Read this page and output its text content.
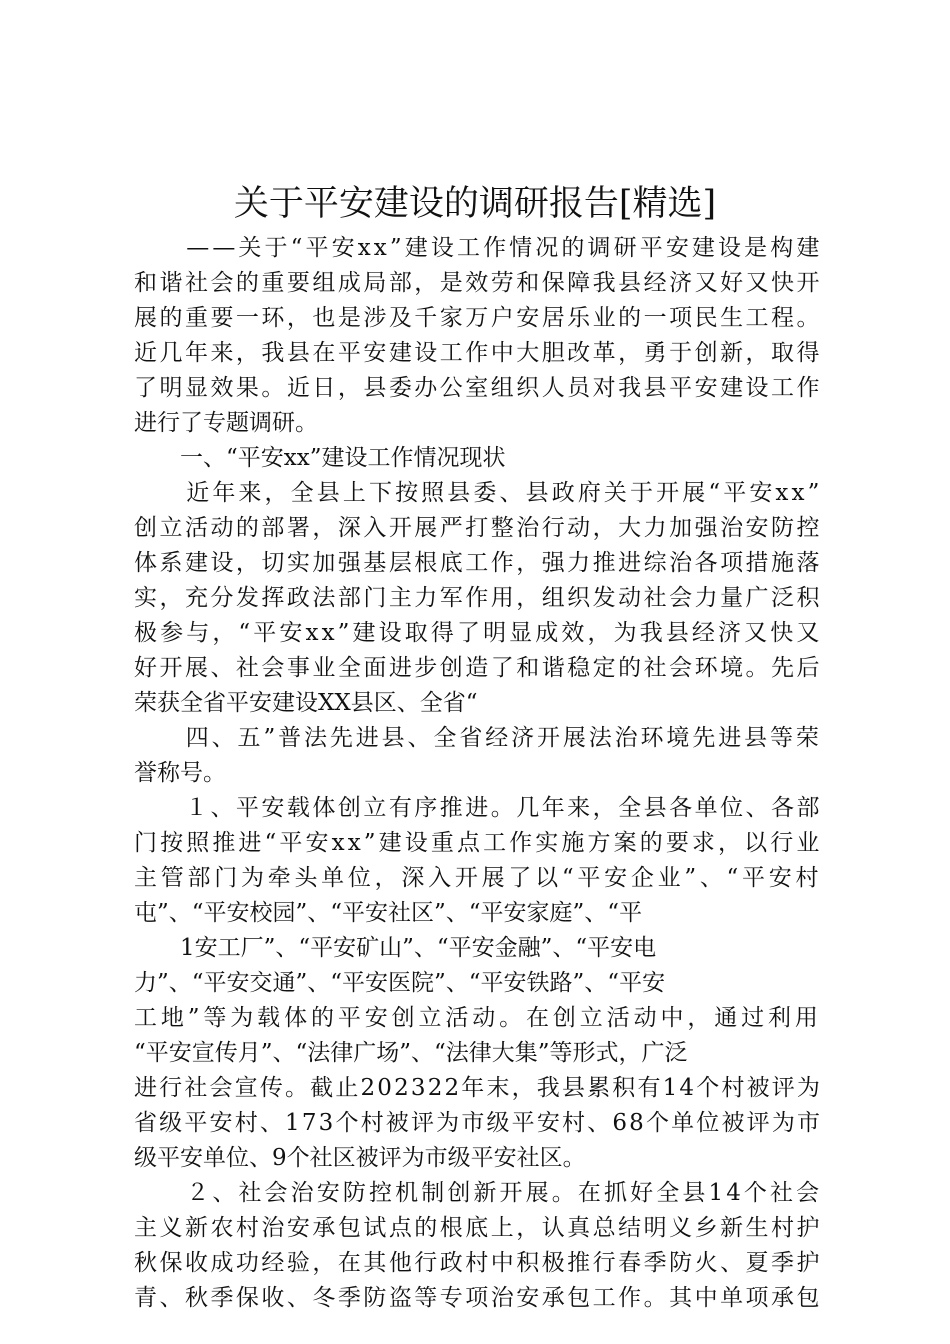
关于平安建设的调研报告[精选]
　　——关于“平安xx”建设工作情况的调研平安建设是构建
和谐社会的重要组成局部，是效劳和保障我县经济又好又快开
展的重要一环，也是涉及千家万户安居乐业的一项民生工程。
近几年来，我县在平安建设工作中大胆改革，勇于创新，取得
了明显效果。近日，县委办公室组织人员对我县平安建设工作
进行了专题调研。
　　一、“平安xx”建设工作情况现状
　　近年来，全县上下按照县委、县政府关于开展“平安xx”
创立活动的部署，深入开展严打整治行动，大力加强治安防控
体系建设，切实加强基层根底工作，强力推进综治各项措施落
实，充分发挥政法部门主力军作用，组织发动社会力量广泛积
极参与，“平安xx”建设取得了明显成效，为我县经济又快又
好开展、社会事业全面进步创造了和谐稳定的社会环境。先后
荣获全省平安建设XX县区、全省“
　　四、五”普法先进县、全省经济开展法治环境先进县等荣
誉称号。
　　１、平安载体创立有序推进。几年来，全县各单位、各部
门按照推进“平安xx”建设重点工作实施方案的要求，以行业
主管部门为牵头单位，深入开展了以“平安企业”、“平安村
屯”、“平安校园”、“平安社区”、“平安家庭”、“平
　　1安工厂”、“平安矿山”、“平安金融”、“平安电
力”、“平安交通”、“平安医院”、“平安铁路”、“平安
工地”等为载体的平安创立活动。在创立活动中，通过利用
“平安宣传月”、“法律广场”、“法律大集”等形式，广泛
进行社会宣传。截止202322年末，我县累积有14个村被评为
省级平安村、173个村被评为市级平安村、68个单位被评为市
级平安单位、9个社区被评为市级平安社区。
　　２、社会治安防控机制创新开展。在抓好全县14个社会
主义新农村治安承包试点的根底上，认真总结明义乡新生村护
秋保收成功经验，在其他行政村中积极推行春季防火、夏季护
青、秋季保收、冬季防盗等专项治安承包工作。其中单项承包
